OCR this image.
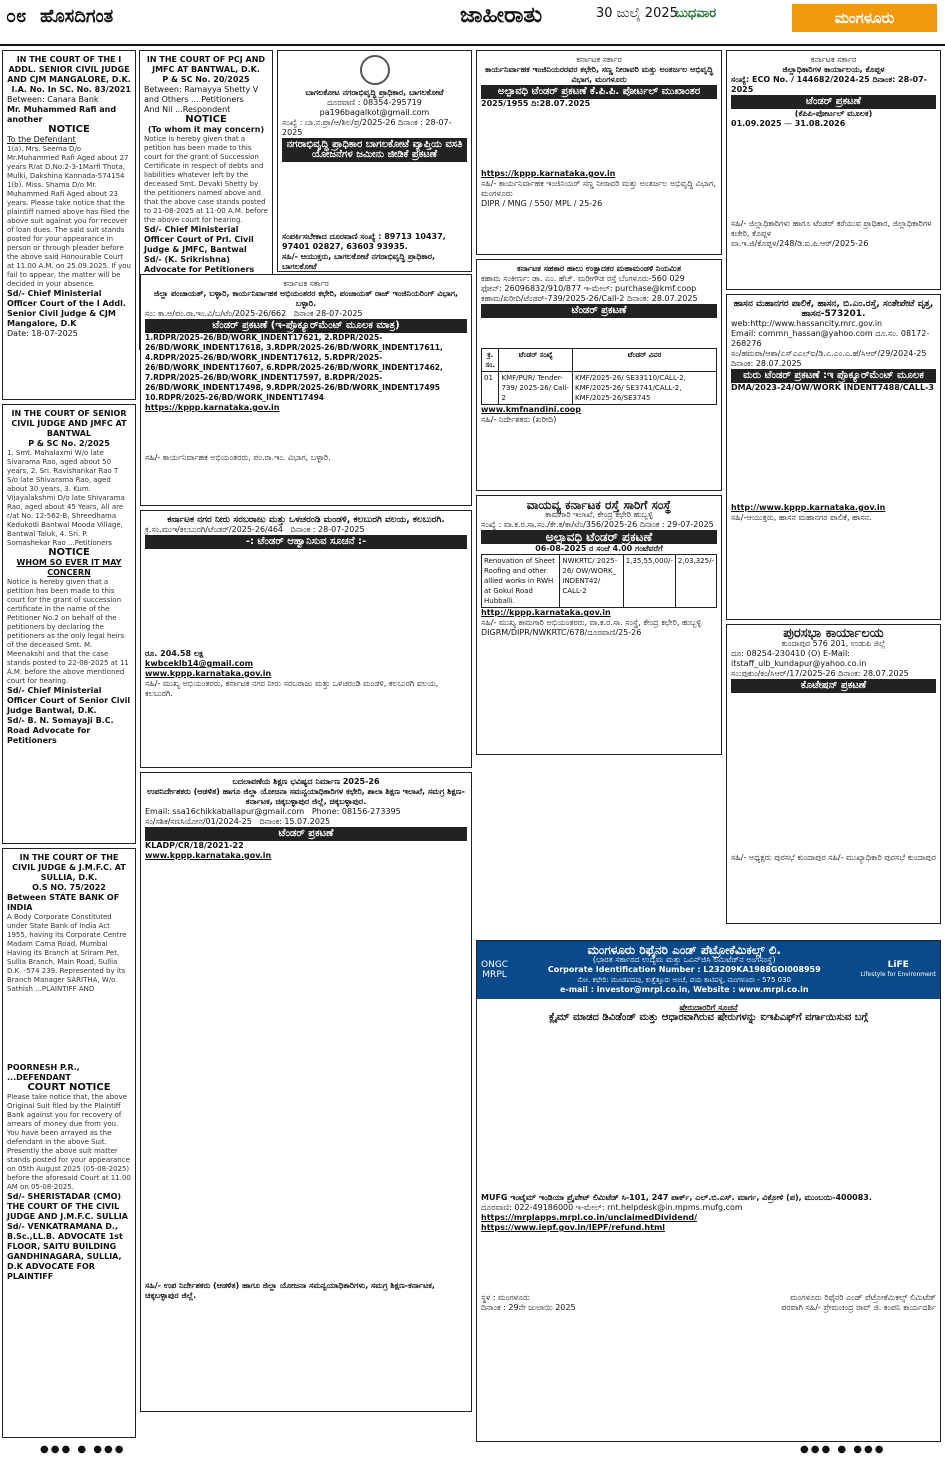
೦೮ ಹೊಸದಿಗಂತ	ಜಾಹೀರಾತು	30 ಜುಲೈ 2025
ಬುಧವಾರ	ಮಂಗಳೂರು
IN THE COURT OF THE I ADDL. SENIOR CIVIL JUDGE AND CJM MANGALORE, D.K.
I.A. No. In SC. No. 83/2021
Between: Canara Bank
Mr. Muhammed Rafi and another
NOTICE
To the Defendant
1(a). Mrs. Seema D/o Mr.Muhammed Rafi Aged about 27 years R/at D.No:2-3-1Marfi Thota, Mulki, Dakshina Kannada-574154 1(b). Miss. Shama D/o Mr. Muhammed Rafi Aged about 23 years. Please take notice that the plaintiff named above has filed the above suit against you for recover of loan dues. The said suit stands posted for your appearance in person or through pleader before the above said Honourable Court at 11.00 A.M. on 25.09.2025. If you fail to appear, the matter will be decided in your absence.
Sd/- Chief Ministerial Officer Court of the I Addl. Senior Civil Judge & CJM Mangalore, D.K
Date: 18-07-2025
IN THE COURT OF SENIOR CIVIL JUDGE AND JMFC AT BANTWAL
P & SC No. 2/2025
1. Smt. Mahalaxmi W/o late Sivarama Rao, aged about 50 years, 2. Sri. Ravishankar Rao T S/o late Shivarama Rao, aged about 30 years, 3. Kum. Vijayalakshmi D/o late Shivarama Rao, aged about 45 Years, All are r/at No. 12-562-B, Shreedhama Kedukodi Bantwal Mooda Village, Bantwal Taluk, 4. Sri. P. Somashekar Rao ...Petitioners
NOTICE
WHOM SO EVER IT MAY CONCERN
Notice is hereby given that a petition has been made to this court for the grant of succession certificate in the name of the Petitioner No.2 on behalf of the petitioners by declaring the petitioners as the only legal heirs of the deceased Smt. M. Meenakshi and that the case stands posted to 22-08-2025 at 11 A.M. before the above mentioned court for hearing.
Sd/- Chief Ministerial Officer Court of Senior Civil Judge Bantwal, D.K.
Sd/- B. N. Somayaji B.C. Road Advocate for Petitioners
IN THE COURT OF THE CIVIL JUDGE & J.M.F.C. AT SULLIA, D.K.
O.S NO. 75/2022
Between STATE BANK OF INDIA
A Body Corporate Constituted under State Bank of India Act 1955, having its Corporate Centre Madam Cama Road, Mumbai Having its Branch at Sriram Pet, Sullia Branch, Main Road, Sullia D.K. -574 239. Represented by its Branch Manager SARITHA, W/o. Sathish ...PLAINTIFF AND
POORNESH P.R., ...DEFENDANT
COURT NOTICE
Please take notice that, the above Original Suit filed by the Plaintiff Bank against you for recovery of arrears of money due from you. You have been arrayed as the defendant in the above Suit. Presently the above suit matter stands posted for your appearance on 05th August 2025 (05-08-2025) before the aforesaid Court at 11.00 AM on 05-08-2025.
Sd/- SHERISTADAR (CMO) THE COURT OF THE CIVIL JUDGE AND J.M.F.C. SULLIA
Sd/- VENKATRAMANA D., B.Sc.,LL.B. ADVOCATE 1st FLOOR, SAITU BUILDING GANDHINAGARA, SULLIA, D.K ADVOCATE FOR PLAINTIFF
IN THE COURT OF PCJ AND JMFC AT BANTWAL, D.K.
P & SC No. 20/2025
Between: Ramayya Shetty V and Others ... Petitioners
And Nil ...Respondent
NOTICE
(To whom it may concern)
Notice is hereby given that a petition has been made to this court for the grant of Succession Certificate in respect of debts and liabilities whatever left by the deceased Smt. Devaki Shetty by the petitioners named above and that the above case stands posted to 21-08-2025 at 11-00 A.M. before the above court for hearing.
Sd/- Chief Ministerial Officer Court of Prl. Civil Judge & JMFC, Bantwal
Sd/- (K. Srikrishna) Advocate for Petitioners
ಬಾಗಲಕೋಟ ನಗರಾಭಿವೃದ್ಧಿ ಪ್ರಾಧಿಕಾರ, ಬಾಗಲಕೋಟೆ
ದೂರವಾಣಿ : 08354-295719
pa196bagalkot@gmail.com
ಸಂಖ್ಯೆ : ಬಾ.ನ.ಪ್ರಾ/ಆ/ಶಿಲ/ಪ್ರ/2025-26 ದಿನಾಂಕ : 28-07-2025
ನಗರಾಭಿವೃದ್ಧಿ ಪ್ರಾಧಿಕಾರ ಬಾಗಲಕೋಟೆ ವ್ಯಾಪ್ತಿಯ ವಸತಿ ಯೋಜನೆಗಳ ಜಮೀನು ಜೀಡಿಕೆ ಪ್ರಕಟಣೆ
ಸಂಪರ್ಕಿಸಬೇಕಾದ ದೂರವಾಣಿ ಸಂಖ್ಯೆ : 89713 10437, 97401 02827, 63603 93935.
ಸಹಿ/- ಆಯುಕ್ತರು, ಬಾಗಲಕೋಟೆ ನಗರಾಭಿವೃದ್ಧಿ ಪ್ರಾಧಿಕಾರ, ಬಾಗಲಕೋಟೆ
ಕರ್ನಾಟಕ ಸರ್ಕಾರ
ಜಿಲ್ಲಾ ಪಂಚಾಯತ್, ಬಳ್ಳಾರಿ, ಕಾರ್ಯನಿರ್ವಾಹಕ ಅಭಿಯಂತರರ ಕಛೇರಿ, ಪಂಚಾಯತ್ ರಾಜ್ ಇಂಜಿನಿಯರಿಂಗ್ ವಿಭಾಗ, ಬಳ್ಳಾರಿ.
ಸಂ: ಕಾ.ಅ/ಪಂ.ರಾ.ಇಂ.ವಿ/ಬ/ಟೆಂ/2025-26/662 ದಿನಾಂಕ 28-07-2025
ಟೆಂಡರ್ ಪ್ರಕಟಣೆ (ಇ-ಪ್ರೊಕ್ಯೂರ್‌ಮೆಂಟ್ ಮೂಲಕ ಮಾತ್ರ)
1.RDPR/2025-26/BD/WORK_INDENT17621, 2.RDPR/2025-26/BD/WORK_INDENT17618, 3.RDPR/2025-26/BD/WORK_INDENT17611, 4.RDPR/2025-26/BD/WORK_INDENT17612, 5.RDPR/2025-26/BD/WORK_INDENT17607, 6.RDPR/2025-26/BD/WORK_INDENT17462, 7.RDPR/2025-26/BD/WORK_INDENT17597, 8.RDPR/2025-26/BD/WORK_INDENT17498, 9.RDPR/2025-26/BD/WORK_INDENT17495 10.RDPR/2025-26/BD/WORK_INDENT17494
https://kppp.karnataka.gov.in
ಸಹಿ/- ಕಾರ್ಯನಿರ್ವಾಹಕ ಅಭಿಯಂತರರು, ಪಂ.ರಾ.ಇಂ. ವಿಭಾಗ, ಬಳ್ಳಾರಿ.
ಕರ್ನಾಟಕ ನಗರ ನೀರು ಸರಬರಾಜು ಮತ್ತು ಒಳಚರಂಡಿ ಮಂಡಳಿ, ಕಲಬುರಗಿ ವಲಯ, ಕಲಬುರಗಿ.
ಕ್ರ.ಸಂ.ಮುಇ/ಕಲಬುರಗಿ/ಟೆಂಡರ್/2025-26/464 ದಿನಾಂಕ : 28-07-2025
-: ಟೆಂಡರ್ ಆಹ್ವಾನಿಸುವ ಸೂಚನೆ :-
ರೂ. 204.58 ಲಕ್ಷ
kwbceklb14@gmail.com
www.kppp.karnataka.gov.in
ಸಹಿ/- ಮುಖ್ಯ ಅಭಿಯಂತರರು, ಕರ್ನಾಟಕ ನಗರ ನೀರು ಸರಬರಾಜು ಮತ್ತು ಒಳಚರಂಡಿ ಮಂಡಳಿ, ಕಲಬುರಗಿ ವಲಯ, ಕಲಬುರಗಿ.
ಬದಲಾವಣೆಯ ಶಿಕ್ಷಣ ಭವಿಷ್ಯದ ನಿರ್ಮಾಣ 2025-26
ಉಪನಿರ್ದೇಶಕರು (ಆಡಳಿತ) ಹಾಗೂ ಜಿಲ್ಲಾ ಯೋಜನಾ ಸಮನ್ವಯಾಧಿಕಾರಿಗಳ ಕಛೇರಿ, ಶಾಲಾ ಶಿಕ್ಷಣ ಇಲಾಖೆ, ಸಮಗ್ರ ಶಿಕ್ಷಣ-ಕರ್ನಾಟಕ, ಚಿಕ್ಕಬಳ್ಳಾಪುರ ಜಿಲ್ಲೆ, ಚಿಕ್ಕಬಳ್ಳಾಪುರ.
Email: ssa16chikkaballapur@gmail.com Phone: 08156-273395
ಸಂ/ಸಶಿಕ/ಸಣಸಿಯೋನ/01/2024-25 ದಿನಾಂಕ: 15.07.2025
ಟೆಂಡರ್ ಪ್ರಕಟಣೆ
KLADP/CR/18/2021-22
www.kppp.karnataka.gov.in
ಸಹಿ/- ಉಪ ನಿರ್ದೇಶಕರು (ಆಡಳಿತ) ಹಾಗೂ ಜಿಲ್ಲಾ ಯೋಜನಾ ಸಮನ್ವಯಾಧಿಕಾರಿಗಳು, ಸಮಗ್ರ ಶಿಕ್ಷಣ-ಕರ್ನಾಟಕ, ಚಿಕ್ಕಬಳ್ಳಾಪುರ ಜಿಲ್ಲೆ.
ಕರ್ನಾಟಕ ಸರ್ಕಾರ
ಕಾರ್ಯನಿರ್ವಾಹಕ ಇಂಜಿನಿಯರರವರ ಕಛೇರಿ, ಸಣ್ಣ ನೀರಾವರಿ ಮತ್ತು ಅಂತರ್ಜಲ ಅಭಿವೃದ್ಧಿ ವಿಭಾಗ, ಮಂಗಳೂರು
ಅಲ್ಪಾವಧಿ ಟೆಂಡರ್ ಪ್ರಕಟಣೆ ಕೆ.ಪಿ.ಪಿ. ಪೋರ್ಟಲ್ ಮುಖಾಂತರ
2025/1955 ದಿ:28.07.2025
https://kppp.karnataka.gov.in
ಸಹಿ/- ಕಾರ್ಯನಿರ್ವಾಹಕ ಇಂಜಿನಿಯರ್ ಸಣ್ಣ ನೀರಾವರಿ ಮತ್ತು ಅಂತರ್ಜಲ ಅಭಿವೃದ್ಧಿ ವಿಭಾಗ, ಮಂಗಳೂರು
DIPR / MNG / 550/ MPL / 25-26
ಕರ್ನಾಟಕ ಸಹಕಾರ ಹಾಲು ಉತ್ಪಾದಕರ ಮಹಾಮಂಡಳಿ ನಿಯಮಿತ
ಕಹಾಮ ಸಂಕೀರ್ಣ: ಡಾ. ಎಂ. ಹೆಚ್. ಮರೀಗೌಡ ರಸ್ತೆ ಬೆಂಗಳೂರು-560 029
ಫೋನ್: 26096832/910/877 ಇ-ಮೇಲ್: purchase@kmf.coop
ಕಹಾಮ/ಖರೀದಿ/ಟೆಂಡರ್-739/2025-26/Call-2 ದಿನಾಂಕ: 28.07.2025
ಟೆಂಡರ್ ಪ್ರಕಟಣೆ
ಕ್ರ. ಸಂ.	ಟೆಂಡರ್ ಸಂಖ್ಯೆ	ಟೆಂಡರ್ ವಿವರ
01	KMF/PUR/ Tender-739/ 2025-26/ Call-2	KMF/2025-26/ SE33110/CALL-2, KMF/2025-26/ SE3741/CALL-2, KMF/2025-26/SE3745
www.kmfnandini.coop
ಸಹಿ/- ನಿರ್ದೇಶಕರು (ಖರೀದಿ)
ವಾಯವ್ಯ ಕರ್ನಾಟಕ ರಸ್ತೆ ಸಾರಿಗೆ ಸಂಸ್ಥೆ
ಕಾಮಗಾರಿ ಇಲಾಖೆ, ಕೇಂದ್ರ ಕಛೇರಿ ಹುಬ್ಬಳ್ಳಿ
ಸಂಖ್ಯೆ : ವಾ.ಕ.ರ.ಸಾ.ಸಂ./ಕೇ.ಕ/ಕಾ/ಟೆಂ/356/2025-26 ದಿನಾಂಕ : 29-07-2025
ಅಲ್ಪಾವಧಿ ಟೆಂಡರ್ ಪ್ರಕಟಣೆ
06-08-2025 ರ ಸಂಜೆ 4.00 ಗಂಟೆವರೆಗೆ
Renovation of Sheet Roofing and other allied works in RWH at Gokul Road Hubballi.	NWKRTC/ 2025-26/ OW/WORK_ INDENT42/ CALL-2	1,35,55,000/-	2,03,325/-
http://kppp.karnataka.gov.in
ಸಹಿ/- ಮುಖ್ಯ ಕಾಮಗಾರಿ ಅಭಿಯಂತರರು, ವಾ.ಕ.ರ.ಸಾ. ಸಂಸ್ಥೆ, ಕೇಂದ್ರ ಕಛೇರಿ, ಹುಬ್ಬಳ್ಳಿ
DIGRM/DIPR/NWKRTC/678/ದೂರವಾಣಿ/25-26
ಕರ್ನಾಟಕ ಸರ್ಕಾರ
ಜಿಲ್ಲಾಧಿಕಾರಿಗಳ ಕಾರ್ಯಾಲಯ, ಕೊಪ್ಪಳ
ಸಂಖ್ಯೆ: ECO No. / 144682/2024-25 ದಿನಾಂಕ: 28-07-2025
ಟೆಂಡರ್ ಪ್ರಕಟಣೆ
(ಕೆಪಿಪಿ-ಪೋರ್ಟಲ್ ಮೂಲಕ)
01.09.2025 — 31.08.2026
ಸಹಿ/- ಜಿಲ್ಲಾಧಿಕಾರಿಗಳು ಹಾಗೂ ಟೆಂಡರ್ ಕರೆಯುವ ಪ್ರಾಧಿಕಾರ, ಜಿಲ್ಲಾಧಿಕಾರಿಗಳ ಕಚೇರಿ, ಕೊಪ್ಪಳ
ವಾ.ಇ.ಜಿ/ಕೊಪ್ಪಳ/248/ಡಿ.ಐ.ಪಿ.ಆರ್/2025-26
ಹಾಸನ ಮಹಾನಗರ ಪಾಲಿಕೆ, ಹಾಸನ, ಬಿ.ಎಂ.ರಸ್ತೆ, ಸಂತೇಪೇಟೆ ವೃತ್ತ, ಹಾಸನ-573201.
web:http://www.hassancity.mrc.gov.in
Email: commn_hassan@yahoo.com ದೂ.ಸಂ. 08172-268276
ಸಂ/ಹಮಪಾ/ಆಶಾ/ಎಸ್ಎಎಲ್ಐ/ಡಿ.ಎ.ಎಂ.ಎ.ಹೆ/ಸಿಆರ್/29/2024-25 ದಿನಾಂಕ: 28.07.2025
ಮರು ಟೆಂಡರ್ ಪ್ರಕಟಣೆ :ಇ ಪ್ರೊಕ್ಯೂರ್‌ಮೆಂಟ್ ಮೂಲಕ
DMA/2023-24/OW/WORK INDENT7488/CALL-3
http://www.kppp.karnataka.gov.in
ಸಹಿ/-ಆಯುಕ್ತರು, ಹಾಸನ ಮಹಾನಗರ ಪಾಲಿಕೆ, ಹಾಸನ.
ಪುರಸಭಾ ಕಾರ್ಯಾಲಯ
ಕುಂದಾಪುರ 576 201, ಉಡುಪಿ ಜಿಲ್ಲೆ
ದೂ: 08254-230410 (O) E-Mail: itstaff_ulb_kundapur@yahoo.co.in
ಸಂ:ಪುಕುಂ/ಕಂ/ಸಿಆರ್/17/2025-26 ದಿನಾಂಕ: 28.07.2025
ಕೊಟೇಷನ್ ಪ್ರಕಟಣೆ
ಸಹಿ/- ಅಧ್ಯಕ್ಷರು ಪುರಸಭೆ ಕುಂದಾಪುರ ಸಹಿ/- ಮುಖ್ಯಾಧಿಕಾರಿ ಪುರಸಭೆ ಕುಂದಾಪುರ
ONGC
MRPL
ಮಂಗಳೂರು ರಿಫೈನರಿ ಎಂಡ್ ಪೆಟ್ರೋಕೆಮಿಕಲ್ಸ್ ಲಿ.
(ಭಾರತ ಸರ್ಕಾರದ ಉದ್ಯಮ ಮತ್ತು ಒಎನ್‌ಜಿಸಿ ಲಿಮಿಟೆಡ್‌ನ ಅಂಗಸಂಸ್ಥೆ)
Corporate Identification Number : L23209KA1988GOI008959
ನೋ. ಕಛೇರಿ: ಮೂಡಪದವು, ಕುತ್ತೆತ್ತೂರು ಅಂಚೆ, ವಯ ಕಾಟಿಪಳ್ಳ, ಮಂಗಳೂರು - 575 030
e-mail : investor@mrpl.co.in, Website : www.mrpl.co.in
LiFE
Lifestyle for Environment
ಷೇರುದಾರರಿಗೆ ಸೂಚನೆ
ಕ್ಲೈಮ್ ಮಾಡದ ಡಿವಿಡೆಂಡ್ ಮತ್ತು ಆಧಾರವಾಗಿರುವ ಷೇರುಗಳನ್ನು ಐಇಪಿಎಫ್‌ಗೆ ವರ್ಗಾಯಿಸುವ ಬಗ್ಗೆ
MUFG ಇಂಟೈಮ್ ಇಂಡಿಯಾ ಪ್ರೈವೇಟ್ ಲಿಮಿಟೆಡ್ ಸಿ-101, 247 ಪಾರ್ಕ್, ಎಲ್.ಬಿ.ಎಸ್. ಮಾರ್ಗ, ವಿಕ್ರೋಳಿ (ಪ), ಮುಂಬಯಿ-400083.
ದೂರವಾಣಿ: 022-49186000 ಇ-ಮೇಲ್: rnt.helpdesk@in.mpms.mufg.com
https://mrplapps.mrpl.co.in/unclaimedDividend/
https://www.iepf.gov.in/IEPF/refund.html
ಸ್ಥಳ : ಮಂಗಳೂರು
ದಿನಾಂಕ : 29ನೇ ಜುಲಾಯಿ 2025
ಮಂಗಳೂರು ರಿಫೈನರಿ ಎಂಡ್ ಪೆಟ್ರೋಕೆಮಿಕಲ್ಸ್ ಲಿಮಿಟೆಡ್ ಪರವಾಗಿ ಸಹಿ/- ಪ್ರೇಮಚಂದ್ರ ರಾವ್ ಜಿ. ಕಂಪನಿ ಕಾರ್ಯದರ್ಶಿ
●●● ● ●●●	●●● ● ●●●
